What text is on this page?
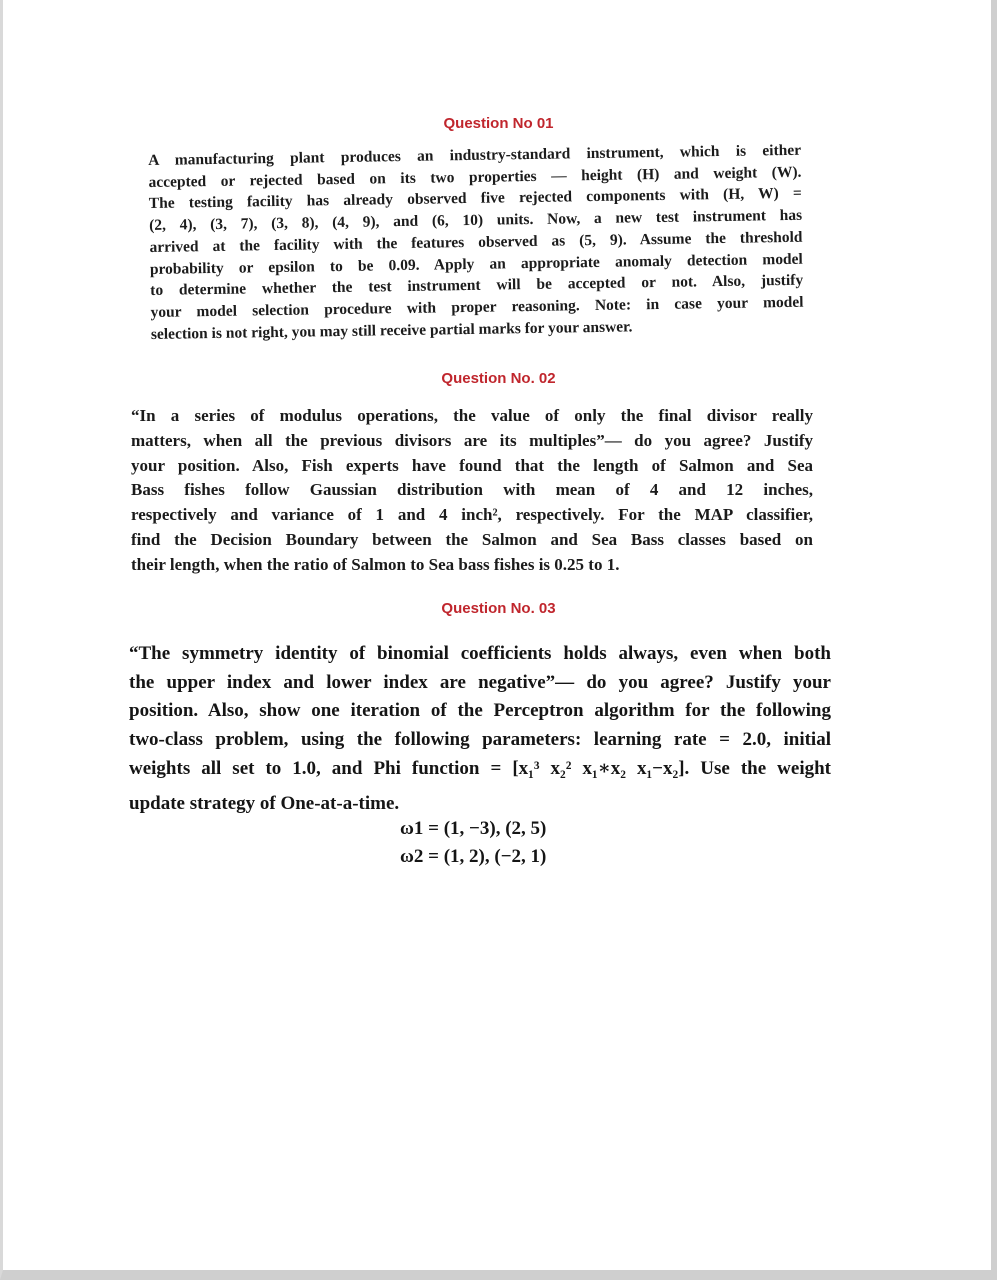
Question No 01
A manufacturing plant produces an industry-standard instrument, which is either
accepted or rejected based on its two properties — height (H) and weight (W).
The testing facility has already observed five rejected components with (H, W) =
(2, 4), (3, 7), (3, 8), (4, 9), and (6, 10) units. Now, a new test instrument has
arrived at the facility with the features observed as (5, 9). Assume the threshold
probability or epsilon to be 0.09. Apply an appropriate anomaly detection model
to determine whether the test instrument will be accepted or not. Also, justify
your model selection procedure with proper reasoning. Note: in case your model
selection is not right, you may still receive partial marks for your answer.
Question No. 02
“In a series of modulus operations, the value of only the final divisor really
matters, when all the previous divisors are its multiples”— do you agree? Justify
your position. Also, Fish experts have found that the length of Salmon and Sea
Bass fishes follow Gaussian distribution with mean of 4 and 12 inches,
respectively and variance of 1 and 4 inch², respectively. For the MAP classifier,
find the Decision Boundary between the Salmon and Sea Bass classes based on
their length, when the ratio of Salmon to Sea bass fishes is 0.25 to 1.
Question No. 03
“The symmetry identity of binomial coefficients holds always, even when both
the upper index and lower index are negative”— do you agree? Justify your
position. Also, show one iteration of the Perceptron algorithm for the following
two-class problem, using the following parameters: learning rate = 2.0, initial
weights all set to 1.0, and Phi function = [x₁³ x₂² x₁∗x₂ x₁−x₂]. Use the weight
update strategy of One-at-a-time.
ω1 = (1, −3), (2, 5)
ω2 = (1, 2), (−2, 1)
